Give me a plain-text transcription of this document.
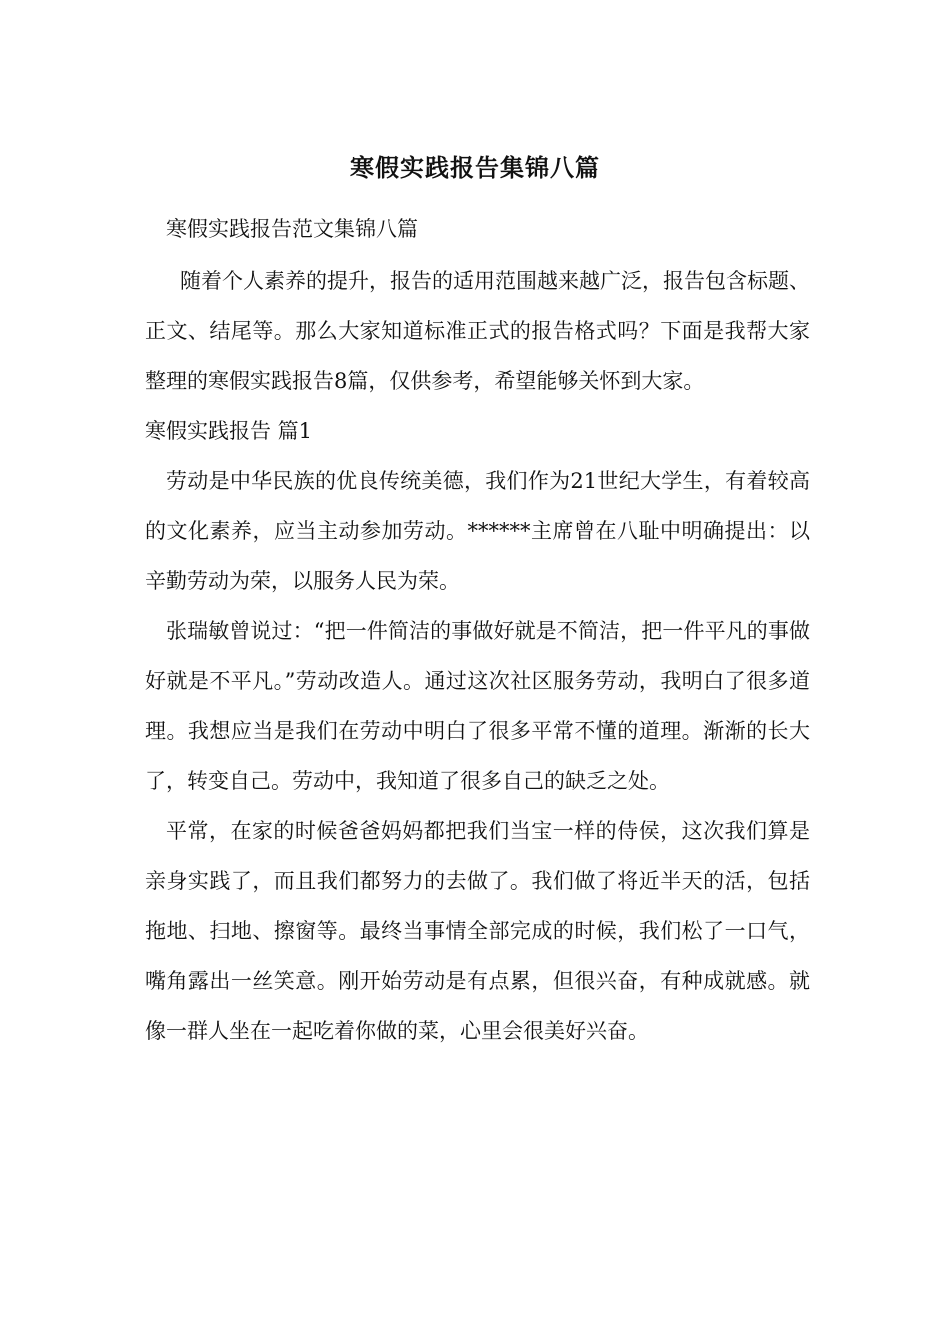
寒假实践报告集锦八篇

寒假实践报告范文集锦八篇

随着个人素养的提升，报告的适用范围越来越广泛，报告包含标题、正文、结尾等。那么大家知道标准正式的报告格式吗？下面是我帮大家整理的寒假实践报告8篇，仅供参考，希望能够关怀到大家。

寒假实践报告 篇1

劳动是中华民族的优良传统美德，我们作为21世纪大学生，有着较高的文化素养，应当主动参加劳动。******主席曾在八耻中明确提出：以辛勤劳动为荣，以服务人民为荣。

张瑞敏曾说过：“把一件简洁的事做好就是不简洁，把一件平凡的事做好就是不平凡。”劳动改造人。通过这次社区服务劳动，我明白了很多道理。我想应当是我们在劳动中明白了很多平常不懂的道理。渐渐的长大了，转变自己。劳动中，我知道了很多自己的缺乏之处。

平常，在家的时候爸爸妈妈都把我们当宝一样的侍侯，这次我们算是亲身实践了，而且我们都努力的去做了。我们做了将近半天的活，包括拖地、扫地、擦窗等。最终当事情全部完成的时候，我们松了一口气，嘴角露出一丝笑意。刚开始劳动是有点累，但很兴奋，有种成就感。就像一群人坐在一起吃着你做的菜，心里会很美好兴奋。
